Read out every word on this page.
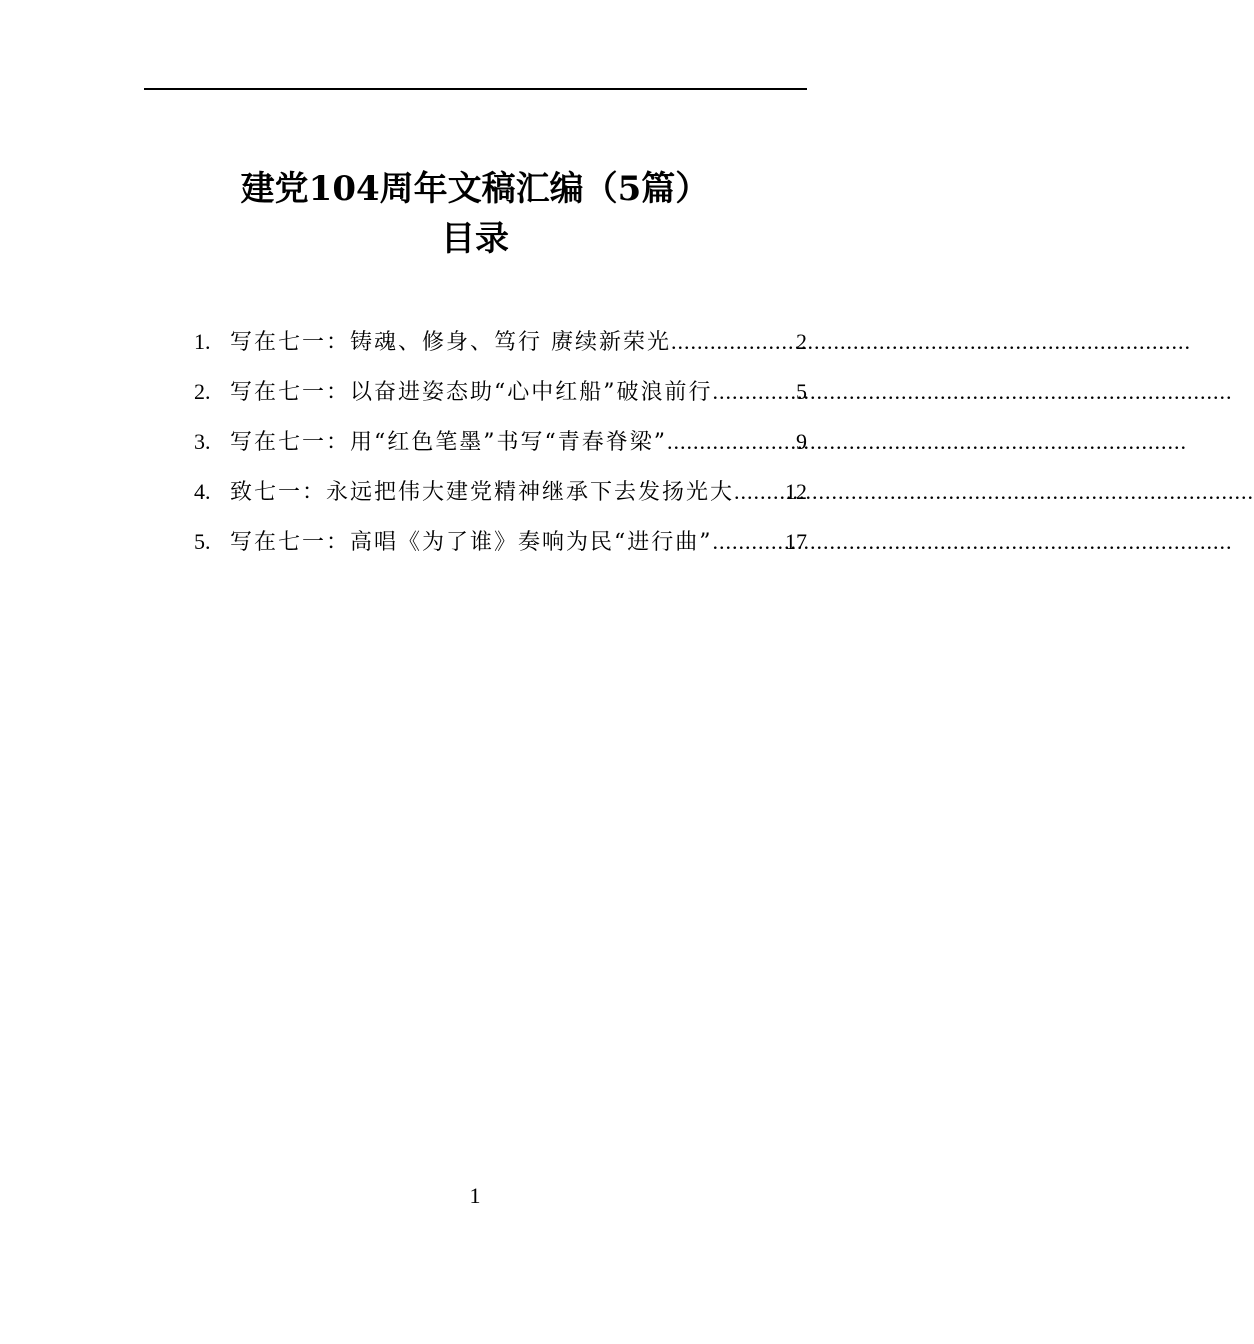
建党104周年文稿汇编（5篇）
目录
1. 写在七一：铸魂、修身、笃行 赓续新荣光 .....	2
2. 写在七一：以奋进姿态助“心中红船”破浪前行 .....	5
3. 写在七一：用“红色笔墨”书写“青春脊梁” .....	9
4. 致七一：永远把伟大建党精神继承下去发扬光大 ..... 12
5. 写在七一：高唱《为了谁》奏响为民“进行曲” .....	17
1
